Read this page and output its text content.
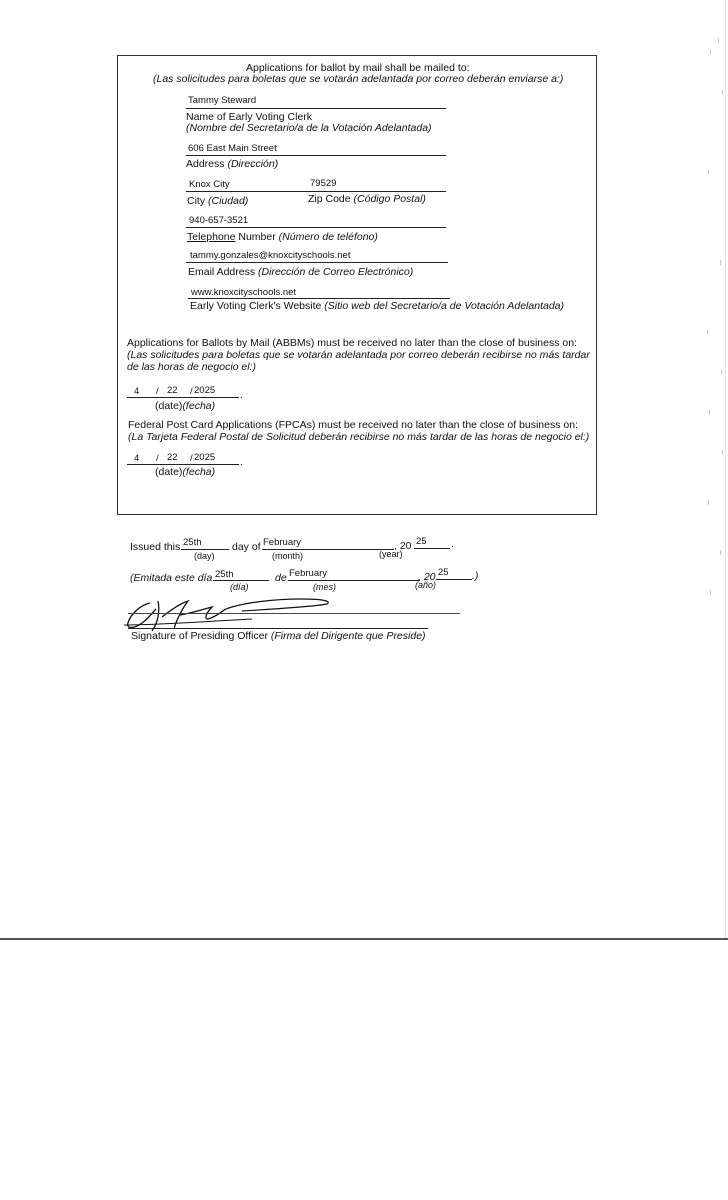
Applications for ballot by mail shall be mailed to:
(Las solicitudes para boletas que se votarán adelantada por correo deberán enviarse a:)
Tammy Steward
Name of Early Voting Clerk
(Nombre del Secretario/a de la Votación Adelantada)
606 East Main Street
Address (Dirección)
Knox City	79529
City (Ciudad)	Zip Code (Código Postal)
940-657-3521
Telephone Number (Número de teléfono)
tammy.gonzales@knoxcityschools.net
Email Address (Dirección de Correo Electrónico)
www.knoxcityschools.net
Early Voting Clerk's Website (Sitio web del Secretario/a de Votación Adelantada)
Applications for Ballots by Mail (ABBMs) must be received no later than the close of business on:
(Las solicitudes para boletas que se votarán adelantada por correo deberán recibirse no más tardar
de las horas de negocio el:)
4 / 22 / 2025 .
(date)(fecha)
Federal Post Card Applications (FPCAs) must be received no later than the close of business on:
(La Tarjeta Federal Postal de Solicitud deberán recibirse no más tardar de las horas de negocio el:)
4 / 22 / 2025 .
(date)(fecha)
Issued this 25th
(day)
day of February
(month)
, 20 25
(year)
.
(Emitada este día 25th
(día)
de February
(mes)
, 20 25
(año)
.)
Signature of Presiding Officer (Firma del Dirigente que Preside)
